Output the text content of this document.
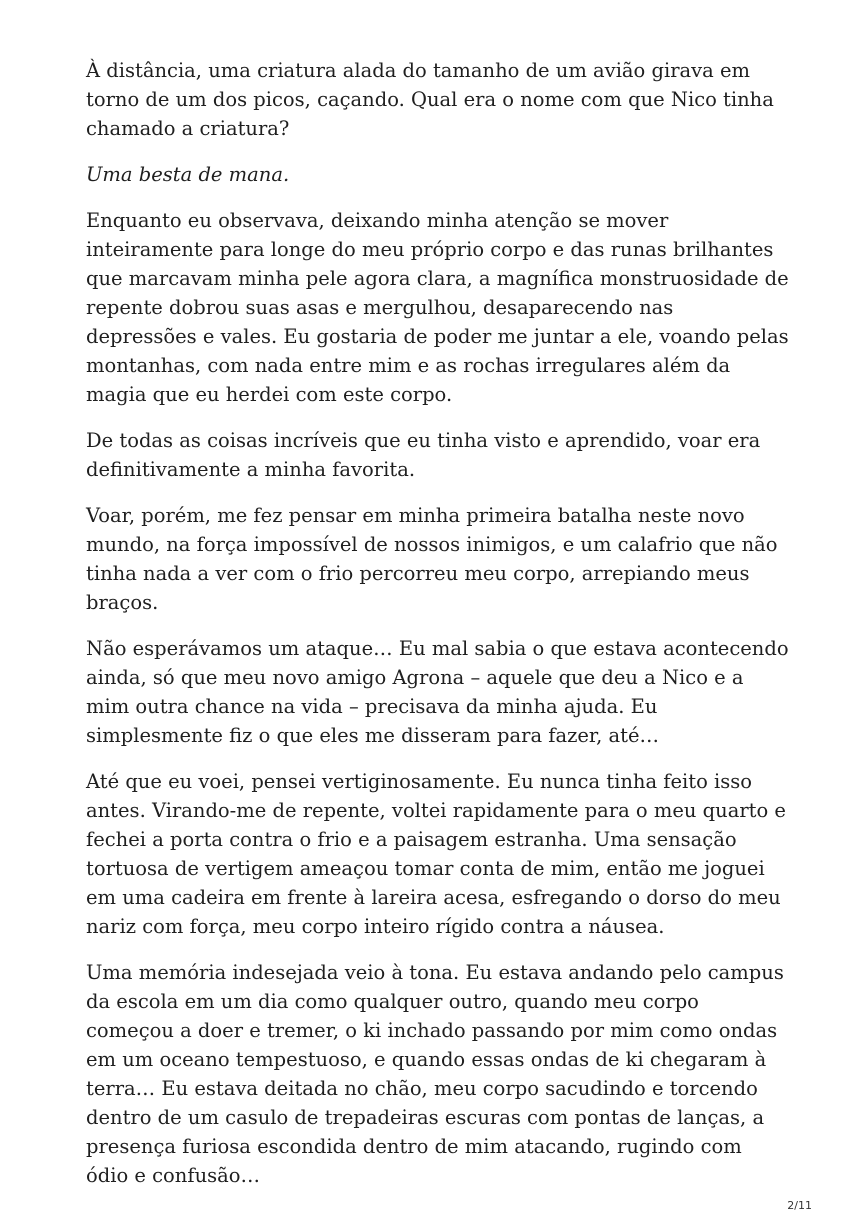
À distância, uma criatura alada do tamanho de um avião girava em torno de um dos picos, caçando. Qual era o nome com que Nico tinha chamado a criatura?

Uma besta de mana.

Enquanto eu observava, deixando minha atenção se mover inteiramente para longe do meu próprio corpo e das runas brilhantes que marcavam minha pele agora clara, a magnífica monstruosidade de repente dobrou suas asas e mergulhou, desaparecendo nas depressões e vales. Eu gostaria de poder me juntar a ele, voando pelas montanhas, com nada entre mim e as rochas irregulares além da magia que eu herdei com este corpo.

De todas as coisas incríveis que eu tinha visto e aprendido, voar era definitivamente a minha favorita.

Voar, porém, me fez pensar em minha primeira batalha neste novo mundo, na força impossível de nossos inimigos, e um calafrio que não tinha nada a ver com o frio percorreu meu corpo, arrepiando meus braços.

Não esperávamos um ataque… Eu mal sabia o que estava acontecendo ainda, só que meu novo amigo Agrona – aquele que deu a Nico e a mim outra chance na vida – precisava da minha ajuda. Eu simplesmente fiz o que eles me disseram para fazer, até…

Até que eu voei, pensei vertiginosamente. Eu nunca tinha feito isso antes. Virando-me de repente, voltei rapidamente para o meu quarto e fechei a porta contra o frio e a paisagem estranha. Uma sensação tortuosa de vertigem ameaçou tomar conta de mim, então me joguei em uma cadeira em frente à lareira acesa, esfregando o dorso do meu nariz com força, meu corpo inteiro rígido contra a náusea.

Uma memória indesejada veio à tona. Eu estava andando pelo campus da escola em um dia como qualquer outro, quando meu corpo começou a doer e tremer, o ki inchado passando por mim como ondas em um oceano tempestuoso, e quando essas ondas de ki chegaram à terra… Eu estava deitada no chão, meu corpo sacudindo e torcendo dentro de um casulo de trepadeiras escuras com pontas de lanças, a presença furiosa escondida dentro de mim atacando, rugindo com ódio e confusão…

2/11
